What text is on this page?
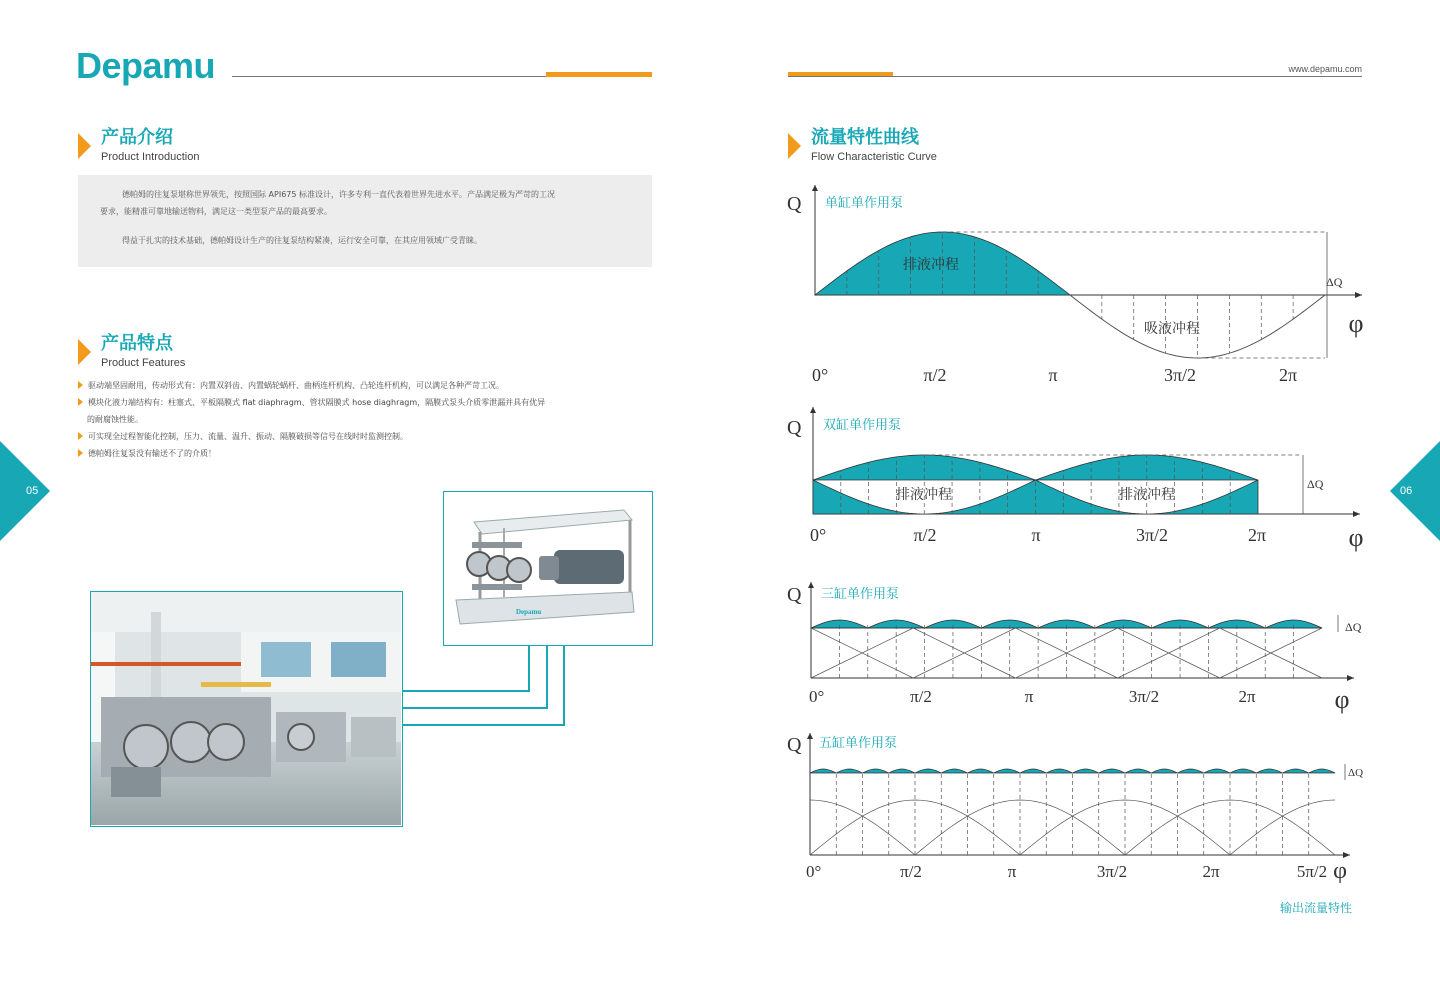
Depamu
产品介绍
Product Introduction
德帕姆的往复泵堪称世界领先，按照国际 API675 标准设计，许多专利一直代表着世界先进水平。产品满足极为严苛的工况
要求，能精准可靠地输送物料，满足这一类型泵产品的最高要求。
得益于扎实的技术基础，德帕姆设计生产的往复泵结构紧凑，运行安全可靠，在其应用领域广受青睐。
产品特点
Product Features
驱动端坚固耐用，传动形式有：内置双斜齿、内置蜗轮蜗杆、曲柄连杆机构、凸轮连杆机构，可以满足各种严苛工况。
模块化液力端结构有：柱塞式、平板隔膜式 flat diaphragm、管状隔膜式 hose diaghragm，隔膜式泵头介质零泄漏并具有优异
的耐腐蚀性能。
可实现全过程智能化控制，压力、流量、温升、振动、隔膜破损等信号在线时时监测控制。
德帕姆往复泵没有输送不了的介质！
05	06
Depamu
www.depamu.com
流量特性曲线
Flow Characteristic Curve
单缸单作用泵
双缸单作用泵
三缸单作用泵
五缸单作用泵
Q
ΔQ
排液冲程
吸液冲程	φ
0°	π/2	π	3π/2	2π
Q
ΔQ
排液冲程	排液冲程
φ
0°	π/2	π	3π/2	2π
Q
ΔQ
φ
0°	π/2	π	3π/2	2π
Q
ΔQ
φ
0°	π/2	π	3π/2	2π	5π/2
输出流量特性
